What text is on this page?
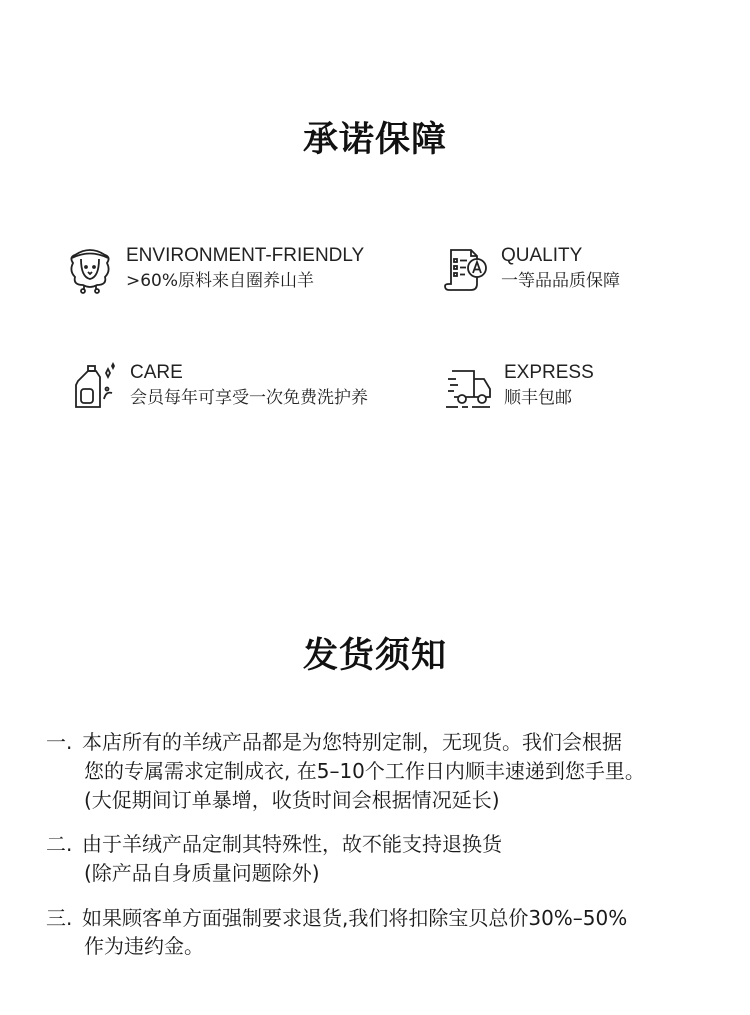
承诺保障
ENVIRONMENT-FRIENDLY
>60%原料来自圈养山羊
QUALITY
一等品品质保障
CARE
会员每年可享受一次免费洗护养
EXPRESS
顺丰包邮
发货须知
一. 本店所有的羊绒产品都是为您特别定制，无现货。我们会根据
您的专属需求定制成衣, 在5–10个工作日内顺丰速递到您手里。
(大促期间订单暴增，收货时间会根据情况延长)
二. 由于羊绒产品定制其特殊性，故不能支持退换货
(除产品自身质量问题除外)
三. 如果顾客单方面强制要求退货,我们将扣除宝贝总价30%–50%
作为违约金。
